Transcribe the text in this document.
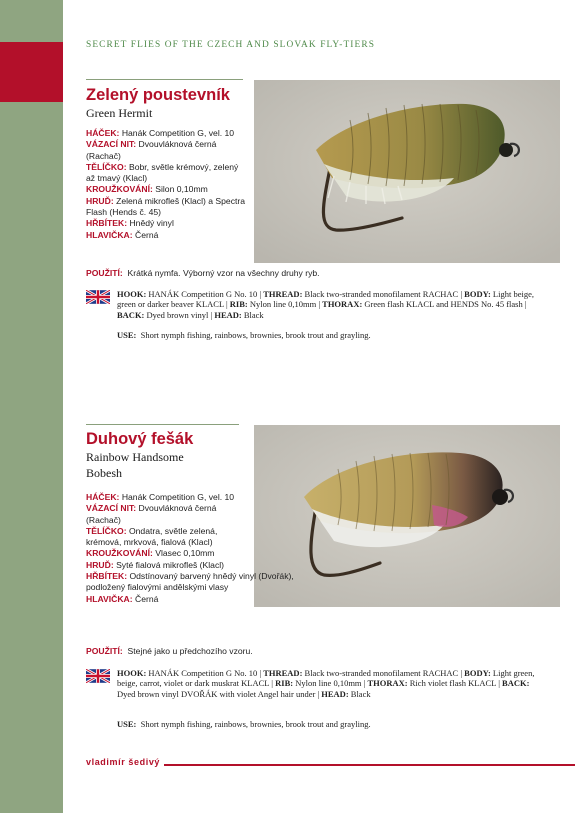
SECRET FLIES OF THE CZECH AND SLOVAK FLY-TIERS
Zelený poustevník
Green Hermit
HÁČEK: Hanák Competition G, vel. 10
VÁZACÍ NIT: Dvouvláknová černá (Rachač)
TĚLÍČKO: Bobr, světle krémový, zelený až tmavý (Klacl)
KROUŽKOVÁNÍ: Silon 0,10mm
HRUĎ: Zelená mikrofleš (Klacl) a Spectra Flash (Hends č. 45)
HŘBÍTEK: Hnědý vinyl
HLAVIČKA: Černá
POUŽITÍ: Krátká nymfa. Výborný vzor na všechny druhy ryb.
HOOK: HANÁK Competition G No. 10 | THREAD: Black two-stranded monofilament RACHAC | BODY: Light beige, green or darker beaver KLACL | RIB: Nylon line 0,10mm | THORAX: Green flash KLACL and HENDS No. 45 flash | BACK: Dyed brown vinyl | HEAD: Black
USE: Short nymph fishing, rainbows, brownies, brook trout and grayling.
Duhový fešák
Rainbow Handsome
Bobesh
HÁČEK: Hanák Competition G, vel. 10
VÁZACÍ NIT: Dvouvláknová černá (Rachač)
TĚLÍČKO: Ondatra, světle zelená, krémová, mrkvová, fialová (Klacl)
KROUŽKOVÁNÍ: Vlasec 0,10mm
HRUĎ: Syté fialová mikrofleš (Klacl)
HŘBÍTEK: Odstínovaný barvený hnědý vinyl (Dvořák), podložený fialovými andělskými vlasy
HLAVIČKA: Černá
POUŽITÍ: Stejné jako u předchozího vzoru.
HOOK: HANÁK Competition G No. 10 | THREAD: Black two-stranded monofilament RACHAC | BODY: Light green, beige, carrot, violet or dark muskrat KLACL | RIB: Nylon line 0,10mm | THORAX: Rich violet flash KLACL | BACK: Dyed brown vinyl DVOŘÁK with violet Angel hair under | HEAD: Black
USE: Short nymph fishing, rainbows, brownies, brook trout and grayling.
vladimír šedivý
